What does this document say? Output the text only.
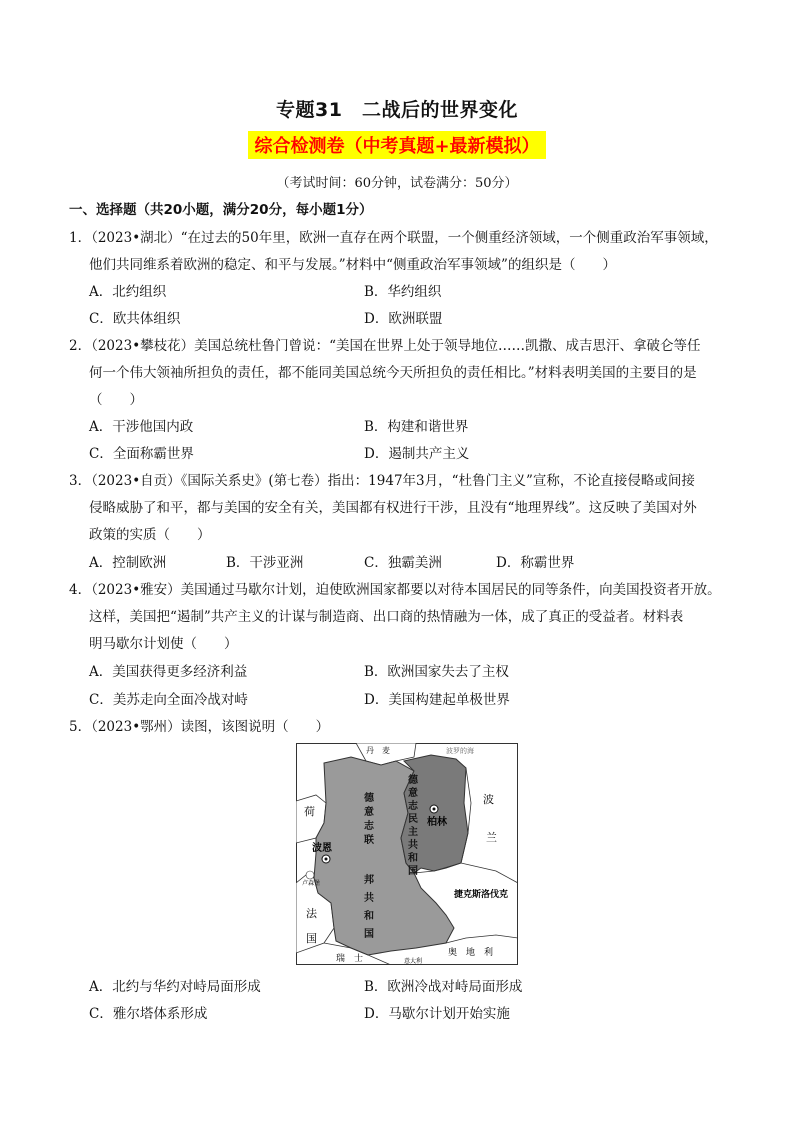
专题31　二战后的世界变化
综合检测卷（中考真题+最新模拟）
（考试时间：60分钟，试卷满分：50分）
一、选择题（共20小题，满分20分，每小题1分）
1．（2023•湖北）“在过去的50年里，欧洲一直存在两个联盟，一个侧重经济领域，一个侧重政治军事领域，
他们共同维系着欧洲的稳定、和平与发展。”材料中“侧重政治军事领域”的组织是（　　）
A．北约组织	B．华约组织
C．欧共体组织	D．欧洲联盟
2．（2023•攀枝花）美国总统杜鲁门曾说：“美国在世界上处于领导地位……凯撒、成吉思汗、拿破仑等任
何一个伟大领袖所担负的责任，都不能同美国总统今天所担负的责任相比。”材料表明美国的主要目的是
（　　）
A．干涉他国内政	B．构建和谐世界
C．全面称霸世界	D．遏制共产主义
3．（2023•自贡）《国际关系史》(第七卷）指出：1947年3月，“杜鲁门主义”宣称，不论直接侵略或间接
侵略威胁了和平，都与美国的安全有关，美国都有权进行干涉，且没有“地理界线”。这反映了美国对外
政策的实质（　　）
A．控制欧洲	B．干涉亚洲	C．独霸美洲	D．称霸世界
4．（2023•雅安）美国通过马歇尔计划，迫使欧洲国家都要以对待本国居民的同等条件，向美国投资者开放。
这样，美国把“遏制”共产主义的计谋与制造商、出口商的热情融为一体，成了真正的受益者。材料表
明马歇尔计划使（　　）
A．美国获得更多经济利益	B．欧洲国家失去了主权
C．美苏走向全面冷战对峙	D．美国构建起单极世界
5．（2023•鄂州）读图，该图说明（　　）
丹　麦	波罗的海
荷
波
兰
波恩
柏林
卢森堡
法
国
捷克斯洛伐克
瑞　士
奥　地　利
意大利
德
意
志
联
邦
共
和
国
德
意
志
民
主
共
和
国
A．北约与华约对峙局面形成	B．欧洲冷战对峙局面形成
C．雅尔塔体系形成	D．马歇尔计划开始实施
